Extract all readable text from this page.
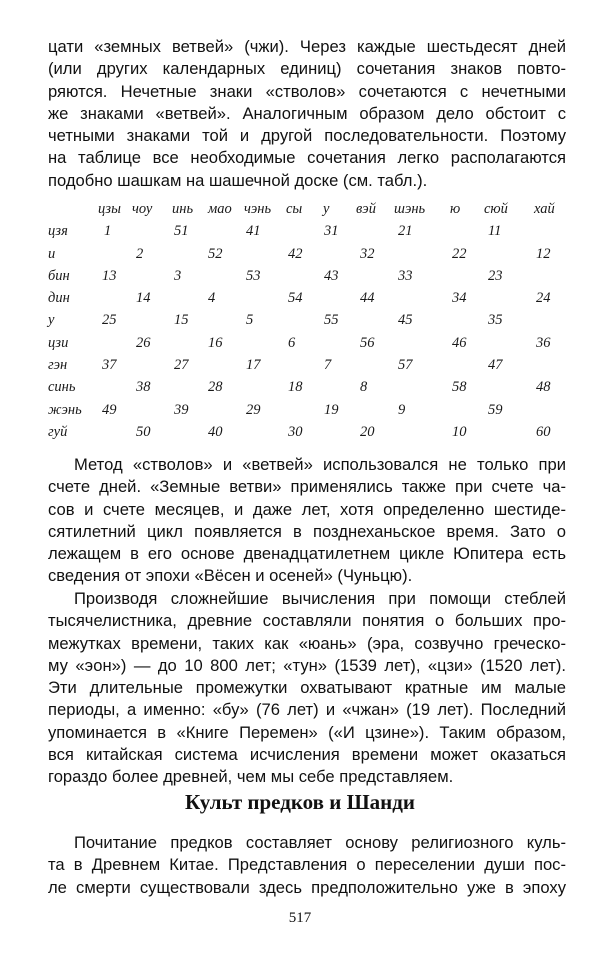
цати «земных ветвей» (чжи). Через каждые шестьдесят дней
(или других календарных единиц) сочетания знаков повто-
ряются. Нечетные знаки «стволов» сочетаются с нечетными
же знаками «ветвей». Аналогичным образом дело обстоит с
четными знаками той и другой последовательности. Поэтому
на таблице все необходимые сочетания легко располагаются
подобно шашкам на шашечной доске (см. табл.).

цзы чоу инь мао чэнь сы у вэй шэнь ю сюй хай
цзя 1	51	41	31	21	11
и	2	52	42	32	22	12
бин 13	3	53	43	33	23
дин	14	4	54	44	34	24
у	25	15	5	55	45	35
цзи	26	16	6	56	46	36
гэн 37	27	17	7	57	47
синь	38	28	18	8	58	48
жэнь 49	39	29	19	9	59
гуй	50	40	30	20	10	60

Метод «стволов» и «ветвей» использовался не только при
счете дней. «Земные ветви» применялись также при счете ча-
сов и счете месяцев, и даже лет, хотя определенно шестиде-
сятилетний цикл появляется в позднеханьское время. Зато о
лежащем в его основе двенадцатилетнем цикле Юпитера есть
сведения от эпохи «Вёсен и осеней» (Чуньцю).

Производя сложнейшие вычисления при помощи стеблей
тысячелистника, древние составляли понятия о больших про-
межутках времени, таких как «юань» (эра, созвучно греческо-
му «эон») — до 10 800 лет; «тун» (1539 лет), «цзи» (1520 лет).
Эти длительные промежутки охватывают кратные им малые
периоды, а именно: «бу» (76 лет) и «чжан» (19 лет). Последний
упоминается в «Книге Перемен» («И цзине»). Таким образом,
вся китайская система исчисления времени может оказаться
гораздо более древней, чем мы себе представляем.

Культ предков и Шанди

Почитание предков составляет основу религиозного куль-
та в Древнем Китае. Представления о переселении души пос-
ле смерти существовали здесь предположительно уже в эпоху

517
